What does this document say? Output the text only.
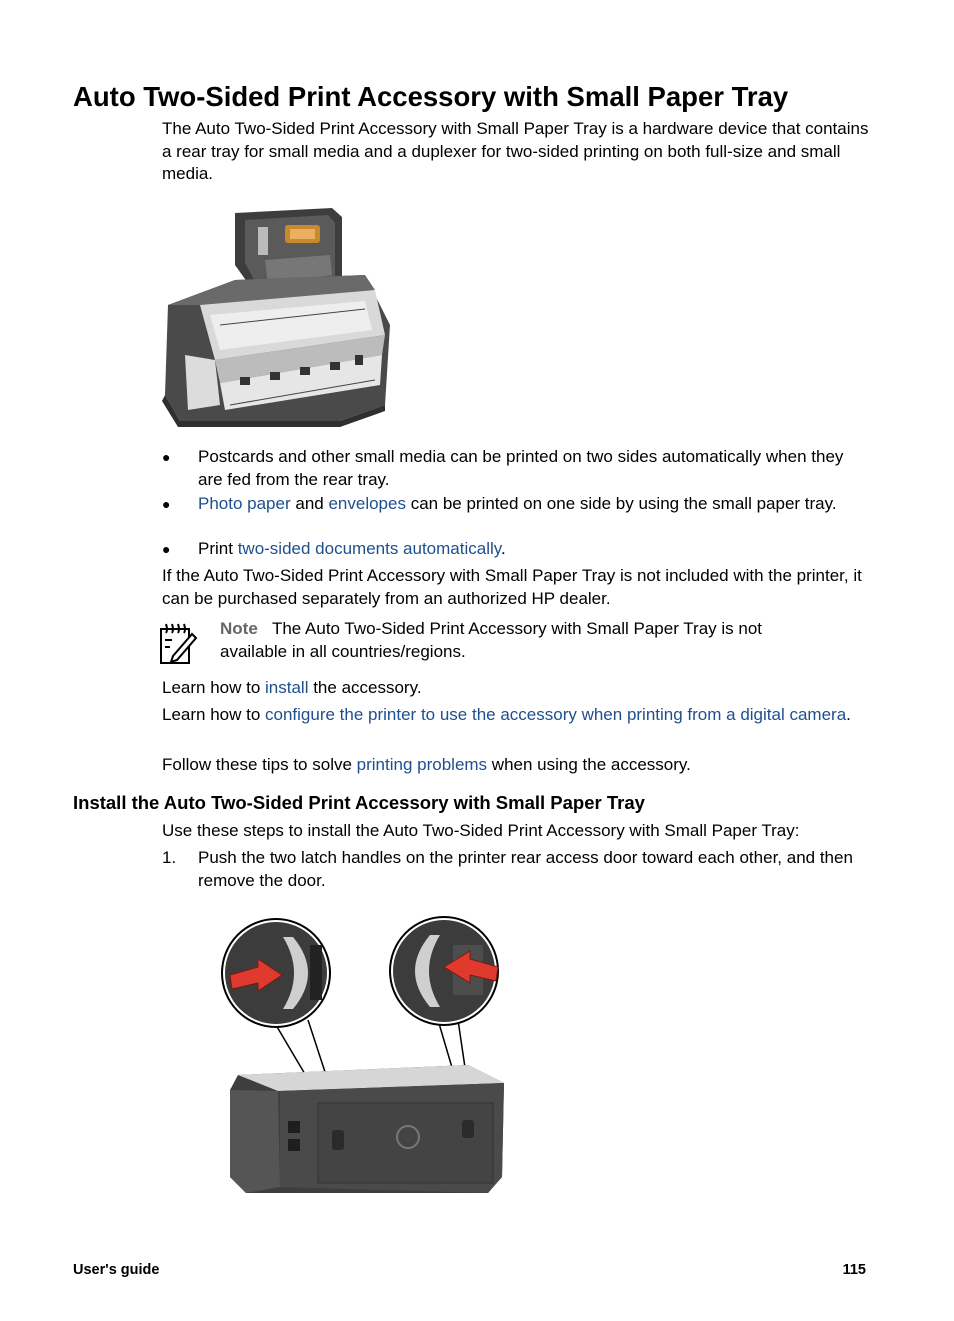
Auto Two-Sided Print Accessory with Small Paper Tray

The Auto Two-Sided Print Accessory with Small Paper Tray is a hardware device that contains a rear tray for small media and a duplexer for two-sided printing on both full-size and small media.

●	Postcards and other small media can be printed on two sides automatically when they are fed from the rear tray.
●	Photo paper and envelopes can be printed on one side by using the small paper tray.
●	Print two-sided documents automatically.

If the Auto Two-Sided Print Accessory with Small Paper Tray is not included with the printer, it can be purchased separately from an authorized HP dealer.

Note The Auto Two-Sided Print Accessory with Small Paper Tray is not available in all countries/regions.

Learn how to install the accessory.

Learn how to configure the printer to use the accessory when printing from a digital camera.

Follow these tips to solve printing problems when using the accessory.

Install the Auto Two-Sided Print Accessory with Small Paper Tray

Use these steps to install the Auto Two-Sided Print Accessory with Small Paper Tray:

1. Push the two latch handles on the printer rear access door toward each other, and then remove the door.
User's guide	115
